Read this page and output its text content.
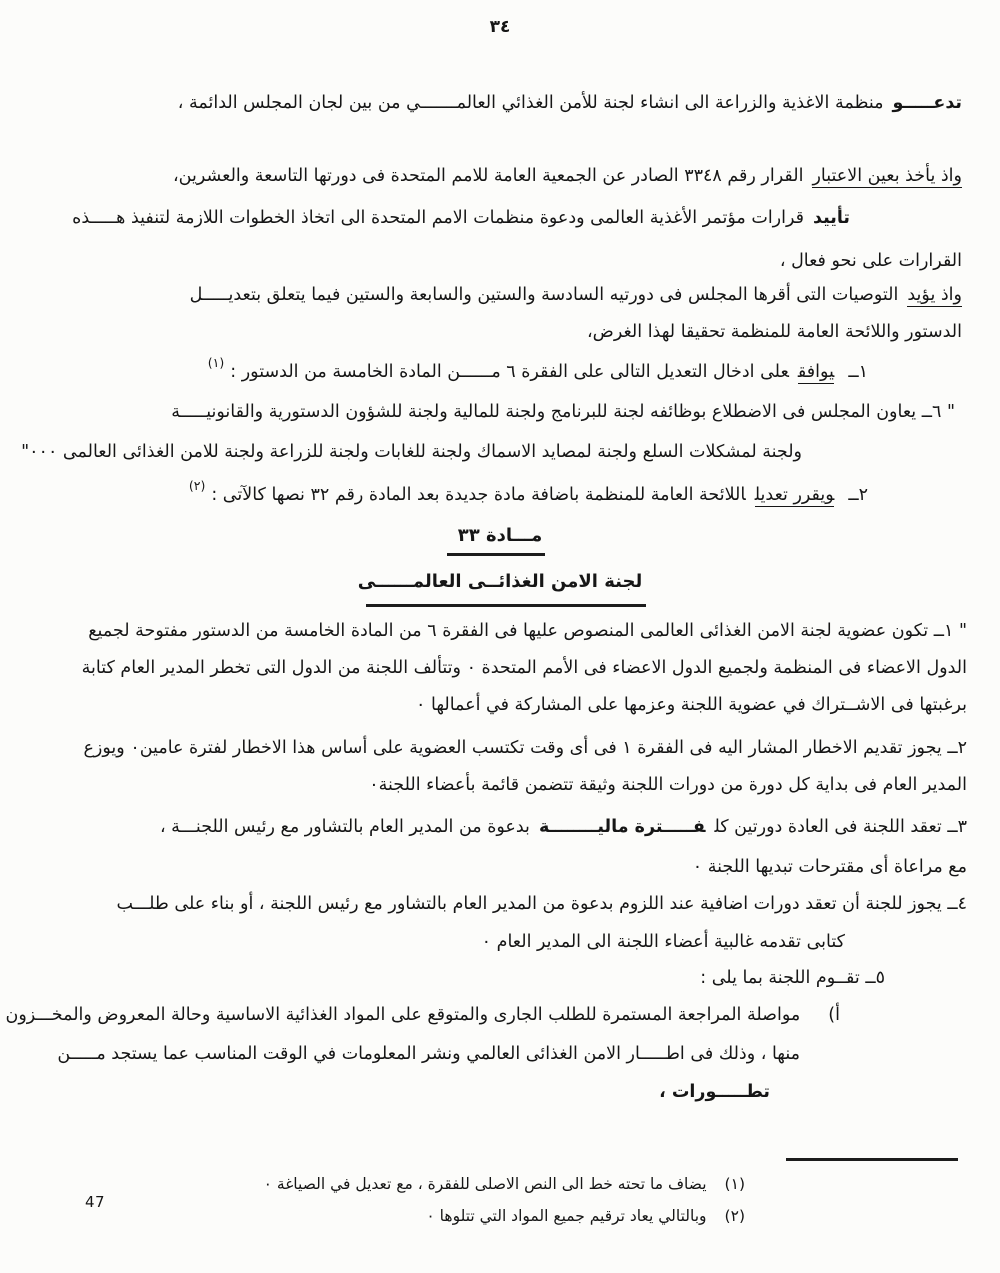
٣٤
تدعـــــومنظمة الاغذية والزراعة الى انشاء لجنة للأمن الغذائي العالمـــــــي من بين لجان المجلس الدائمة ،
واذ يأخذ بعين الاعتبارالقرار رقم ٣٣٤٨ الصادر عن الجمعية العامة للامم المتحدة فى دورتها التاسعة والعشرين،
تأييدقرارات مؤتمر الأغذية العالمى ودعوة منظمات الامم المتحدة الى اتخاذ الخطوات اللازمة لتنفيذ هـــــذه
القرارات على نحو فعال ،
واذ يؤيدالتوصيات التى أقرها المجلس فى دورتيه السادسة والستين والسابعة والستين فيما يتعلق بتعديـــــل
الدستور واللائحة العامة للمنظمة تحقيقا لهذا الغرض،
١ــيوافقعلى ادخال التعديل التالى على الفقرة ٦ مــــــن المادة الخامسة من الدستور :$^{(١)}$
" ٦ــ يعاون المجلس فى الاضطلاع بوظائفه لجنة للبرنامج ولجنة للمالية ولجنة للشؤون الدستورية والقانونيـــــة
ولجنة لمشكلات السلع ولجنة لمصايد الاسماك ولجنة للغابات ولجنة للزراعة ولجنة للامن الغذائى العالمى ٠٠٠"
٢ــويقرر تعديلاللائحة العامة للمنظمة باضافة مادة جديدة بعد المادة رقم ٣٢ نصها كالآتى :$^{(٢)}$
مـــادة ٣٣
لجنة الامن الغذائــى العالمــــــى
" ١ــ تكون عضوية لجنة الامن الغذائى العالمى المنصوص عليها فى الفقرة ٦ من المادة الخامسة من الدستور مفتوحة لجميع
الدول الاعضاء فى المنظمة ولجميع الدول الاعضاء فى الأمم المتحدة ٠ وتتألف اللجنة من الدول التى تخطر المدير العام كتابة
برغبتها فى الاشــتراك في عضوية اللجنة وعزمها على المشاركة في أعمالها ٠
٢ــ يجوز تقديم الاخطار المشار اليه فى الفقرة ١ فى أى وقت تكتسب العضوية على أساس هذا الاخطار لفترة عامين٠ ويوزع
المدير العام فى بداية كل دورة من دورات اللجنة وثيقة تتضمن قائمة بأعضاء اللجنة٠
٣ــ تعقد اللجنة فى العادة دورتين كلفـــــترة ماليــــــــةبدعوة من المدير العام بالتشاور مع رئيس اللجنـــة ،
مع مراعاة أى مقترحات تبديها اللجنة ٠
٤ــ يجوز للجنة أن تعقد دورات اضافية عند اللزوم بدعوة من المدير العام بالتشاور مع رئيس اللجنة ، أو بناء على طلـــب
كتابى تقدمه غالبية أعضاء اللجنة الى المدير العام ٠
٥ــ تقــوم اللجنة بما يلى :
أ)مواصلة المراجعة المستمرة للطلب الجارى والمتوقع على المواد الغذائية الاساسية وحالة المعروض والمخـــزون
منها ، وذلك فى اطـــــار الامن الغذائى العالمي ونشر المعلومات في الوقت المناسب عما يستجد مـــــن
تطـــــورات ،
(١)يضاف ما تحته خط الى النص الاصلى للفقرة ، مع تعديل في الصياغة ٠
(٢)وبالتالي يعاد ترقيم جميع المواد التي تتلوها ٠
47
